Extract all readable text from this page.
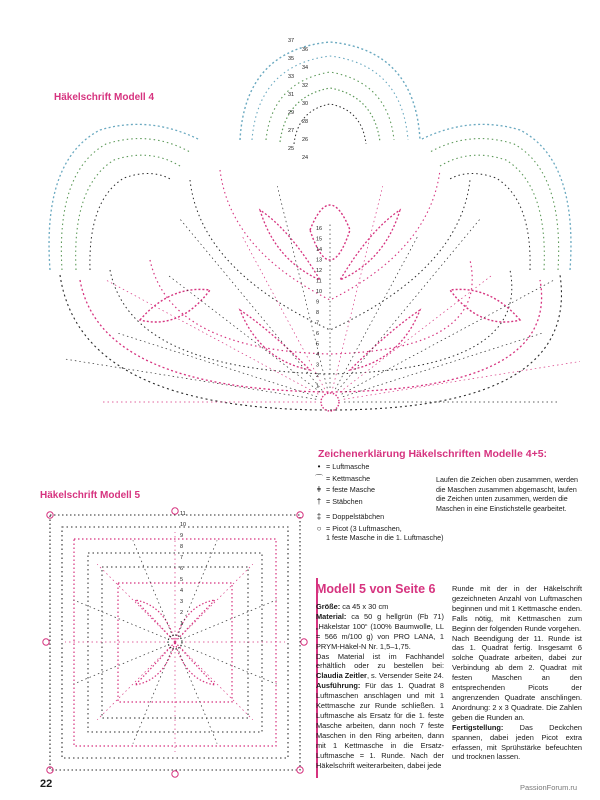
Häkelschrift Modell 4
37
36
35
34
33
32
31
30
29
28
27
26
25
24
16
15
14
13
12
11
10
9
8
7
6
5
4
3
2
1
Zeichenerklärung Häkelschriften Modelle 4+5:
• = Luftmasche
⌒ = Kettmasche
ǂ = feste Masche
† = Stäbchen
‡ = Doppelstäbchen
○ = Picot (3 Luftmaschen,
1 feste Masche in die 1. Luftmasche)
Laufen die Zeichen oben zusammen, werden die Maschen zusammen abgemascht, laufen die Zeichen unten zusammen, werden die Maschen in eine Einstichstelle gearbeitet.
Häkelschrift Modell 5
11
10
9
8
7
6
5
4
3
2
1
Modell 5 von Seite 6

Größe: ca 45 x 30 cm

Material: ca 50 g hellgrün (Fb 71) „Häkelstar 100“ (100% Baumwolle, LL = 566 m/100 g) von PRO LANA, 1 PRYM-Häkel-N Nr. 1,5–1,75.

Das Material ist im Fachhandel erhältlich oder zu bestellen bei: Claudia Zeitler, s. Versender Seite 24.

Ausführung: Für das 1. Quadrat 8 Luftmaschen anschlagen und mit 1 Kettmasche zur Runde schließen. 1 Luftmasche als Ersatz für die 1. feste Masche arbeiten, dann noch 7 feste Maschen in den Ring arbeiten, dann mit 1 Kettmasche in die Ersatz-Luftmasche = 1. Runde. Nach der Häkelschrift weiterarbeiten, dabei jede

Runde mit der in der Häkelschrift gezeichneten Anzahl von Luftmaschen beginnen und mit 1 Kettmasche enden. Falls nötig, mit Kettmaschen zum Beginn der folgenden Runde vorgehen.

Nach Beendigung der 11. Runde ist das 1. Quadrat fertig. Insgesamt 6 solche Quadrate arbeiten, dabei zur Verbindung ab dem 2. Quadrat mit festen Maschen an den entsprechenden Picots der angrenzenden Quadrate anschlingen. Anordnung: 2 x 3 Quadrate. Die Zahlen geben die Runden an.

Fertigstellung: Das Deckchen spannen, dabei jeden Picot extra erfassen, mit Sprühstärke befeuchten und trocknen lassen.

22	PassionForum.ru
